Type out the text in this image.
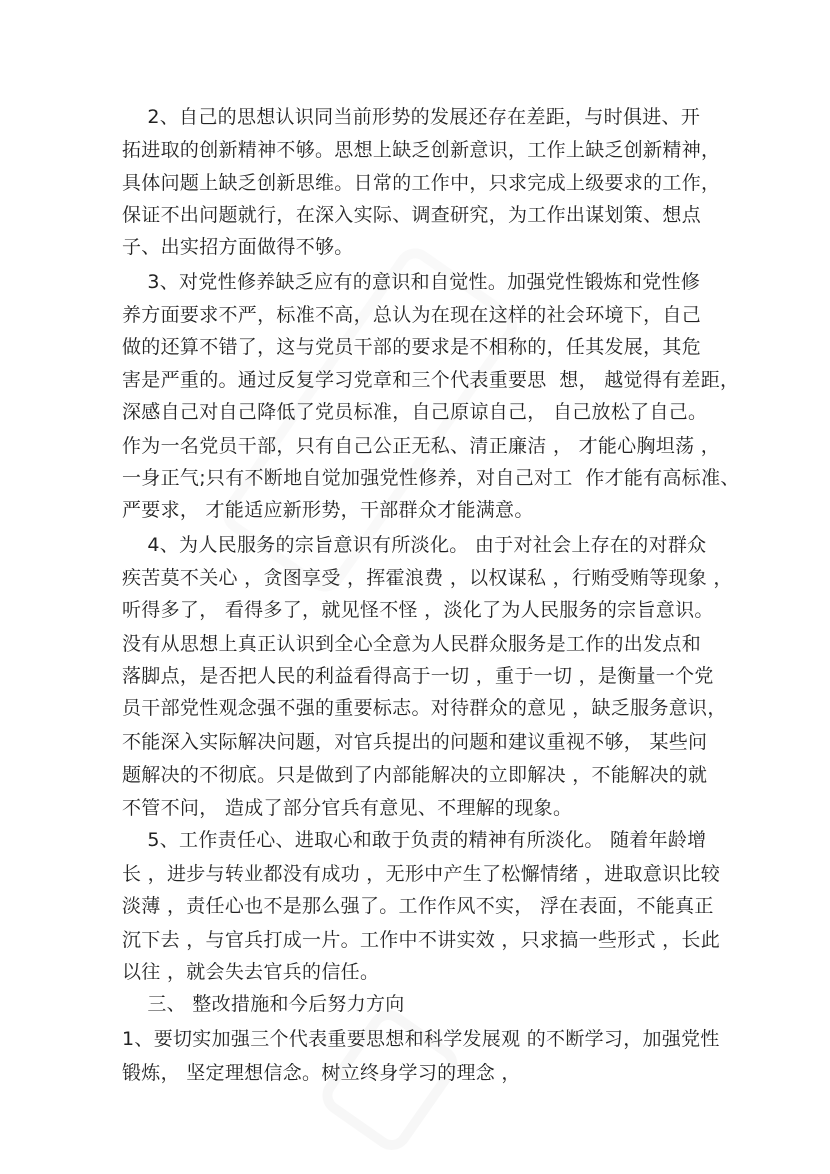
2、自己的思想认识同当前形势的发展还存在差距，与时俱进、开
拓进取的创新精神不够。思想上缺乏创新意识，工作上缺乏创新精神，
具体问题上缺乏创新思维。日常的工作中，只求完成上级要求的工作，
保证不出问题就行，在深入实际、调查研究，为工作出谋划策、想点
子、出实招方面做得不够。
3、对党性修养缺乏应有的意识和自觉性。加强党性锻炼和党性修
养方面要求不严，标准不高，总认为在现在这样的社会环境下，自己
做的还算不错了，这与党员干部的要求是不相称的，任其发展，其危
害是严重的。通过反复学习党章和三个代表重要思  想， 越觉得有差距，
深感自己对自己降低了党员标准，自己原谅自己， 自己放松了自己。
作为一名党员干部，只有自己公正无私、清正廉洁 ， 才能心胸坦荡 ，
一身正气;只有不断地自觉加强党性修养，对自己对工  作才能有高标准、
严要求， 才能适应新形势，干部群众才能满意。
4、为人民服务的宗旨意识有所淡化。 由于对社会上存在的对群众
疾苦莫不关心 ，贪图享受 ，挥霍浪费 ，以权谋私 ，行贿受贿等现象 ，
听得多了， 看得多了，就见怪不怪 ，淡化了为人民服务的宗旨意识。
没有从思想上真正认识到全心全意为人民群众服务是工作的出发点和
落脚点，是否把人民的利益看得高于一切 ，重于一切 ，是衡量一个党
员干部党性观念强不强的重要标志。对待群众的意见 ，缺乏服务意识，
不能深入实际解决问题，对官兵提出的问题和建议重视不够， 某些问
题解决的不彻底。只是做到了内部能解决的立即解决 ，不能解决的就
不管不问， 造成了部分官兵有意见、不理解的现象。
5、工作责任心、进取心和敢于负责的精神有所淡化。 随着年龄增
长 ，进步与转业都没有成功 ，无形中产生了松懈情绪 ，进取意识比较
淡薄 ，责任心也不是那么强了。工作作风不实， 浮在表面，不能真正
沉下去 ，与官兵打成一片。工作中不讲实效 ，只求搞一些形式 ，长此
以往 ，就会失去官兵的信任。
三、 整改措施和今后努力方向
1、要切实加强三个代表重要思想和科学发展观 的不断学习，加强党性
锻炼， 坚定理想信念。树立终身学习的理念 ，
